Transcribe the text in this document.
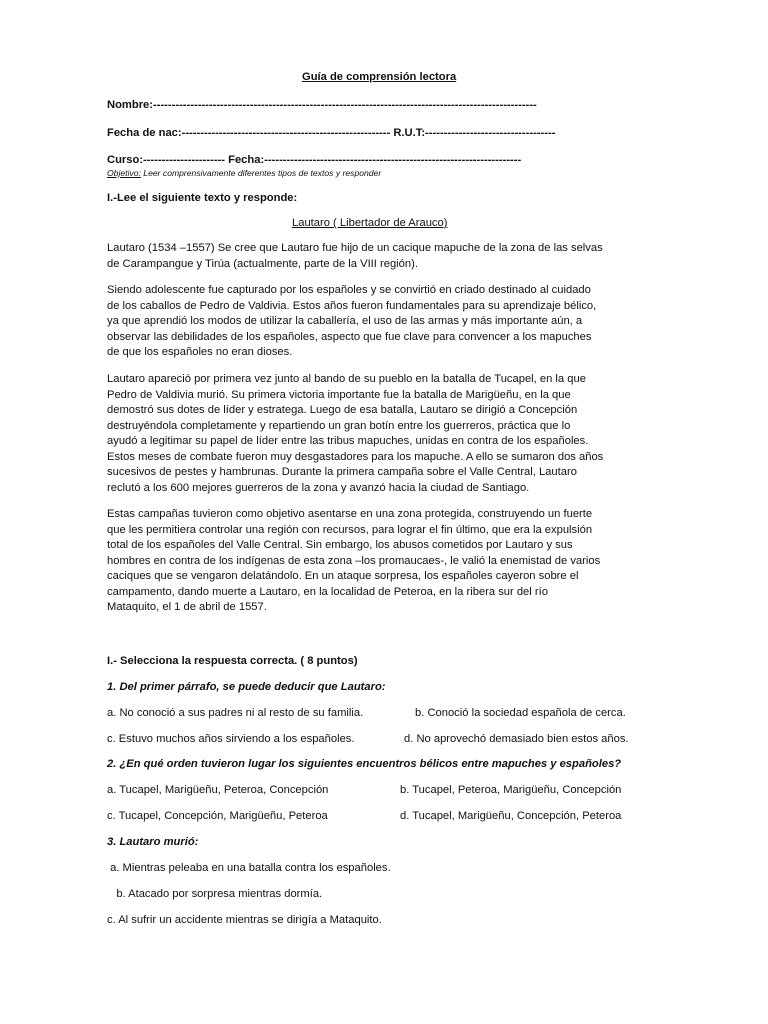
Guía de comprensión lectora
Nombre:-------------------------------------------------------------------------------------------------------
Fecha de nac:-------------------------------------------------------- R.U.T:-----------------------------------
Curso:---------------------- Fecha:---------------------------------------------------------------------
Objetivo: Leer comprensivamente diferentes tipos de textos y responder
I.-Lee el siguiente texto y responde:
Lautaro ( Libertador de Arauco)
Lautaro (1534 –1557) Se cree que Lautaro fue hijo de un cacique mapuche de la zona de las selvas
de Carampangue y Tirúa (actualmente, parte de la VIII región).
Siendo adolescente fue capturado por los españoles y se convirtió en criado destinado al cuidado
de los caballos de Pedro de Valdivia. Estos años fueron fundamentales para su aprendizaje bélico,
ya que aprendió los modos de utilizar la caballería, el uso de las armas y más importante aún, a
observar las debilidades de los españoles, aspecto que fue clave para convencer a los mapuches
de que los españoles no eran dioses.
Lautaro apareció por primera vez junto al bando de su pueblo en la batalla de Tucapel, en la que
Pedro de Valdivia murió. Su primera victoria importante fue la batalla de Marigüeñu, en la que
demostró sus dotes de líder y estratega. Luego de esa batalla, Lautaro se dirigió a Concepción
destruyéndola completamente y repartiendo un gran botín entre los guerreros, práctica que lo
ayudó a legitimar su papel de líder entre las tribus mapuches, unidas en contra de los españoles.
Estos meses de combate fueron muy desgastadores para los mapuche. A ello se sumaron dos años
sucesivos de pestes y hambrunas. Durante la primera campaña sobre el Valle Central, Lautaro
reclutó a los 600 mejores guerreros de la zona y avanzó hacia la ciudad de Santiago.
Estas campañas tuvieron como objetivo asentarse en una zona protegida, construyendo un fuerte
que les permitiera controlar una región con recursos, para lograr el fin último, que era la expulsión
total de los españoles del Valle Central. Sin embargo, los abusos cometidos por Lautaro y sus
hombres en contra de los indígenas de esta zona –los promaucaes-, le valió la enemistad de varios
caciques que se vengaron delatándolo. En un ataque sorpresa, los españoles cayeron sobre el
campamento, dando muerte a Lautaro, en la localidad de Peteroa, en la ribera sur del río
Mataquito, el 1 de abril de 1557.
I.- Selecciona la respuesta correcta. ( 8 puntos)
1. Del primer párrafo, se puede deducir que Lautaro:
a. No conoció a sus padres ni al resto de su familia.	b. Conoció la sociedad española de cerca.
c. Estuvo muchos años sirviendo a los españoles.	d. No aprovechó demasiado bien estos años.
2. ¿En qué orden tuvieron lugar los siguientes encuentros bélicos entre mapuches y españoles?
a. Tucapel, Marigüeñu, Peteroa, Concepción	b. Tucapel, Peteroa, Marigüeñu, Concepción
c. Tucapel, Concepción, Marigüeñu, Peteroa	d. Tucapel, Marigüeñu, Concepción, Peteroa
3. Lautaro murió:
a. Mientras peleaba en una batalla contra los españoles.
b. Atacado por sorpresa mientras dormía.
c. Al sufrir un accidente mientras se dirigía a Mataquito.
